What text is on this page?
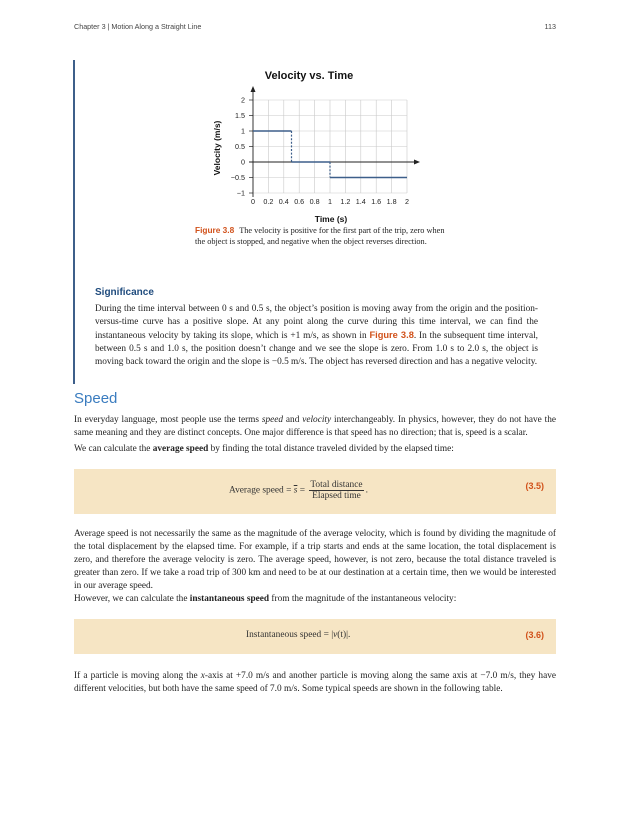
Chapter 3 | Motion Along a Straight Line	113
Velocity vs. Time
Velocity (m/s)
Time (s)
0 0.2 0.4 0.6 0.8 1 1.2 1.4 1.6 1.8 2
2
1.5
1
0.5
0
−0.5
−1
Figure 3.8 The velocity is positive for the first part of the trip, zero when the object is stopped, and negative when the object reverses direction.
Significance
During the time interval between 0 s and 0.5 s, the object’s position is moving away from the origin and the position-versus-time curve has a positive slope. At any point along the curve during this time interval, we can find the instantaneous velocity by taking its slope, which is +1 m/s, as shown in Figure 3.8. In the subsequent time interval, between 0.5 s and 1.0 s, the position doesn’t change and we see the slope is zero. From 1.0 s to 2.0 s, the object is moving back toward the origin and the slope is −0.5 m/s. The object has reversed direction and has a negative velocity.
Speed
In everyday language, most people use the terms speed and velocity interchangeably. In physics, however, they do not have the same meaning and they are distinct concepts. One major difference is that speed has no direction; that is, speed is a scalar.
We can calculate the average speed by finding the total distance traveled divided by the elapsed time:
Average speed = $\overline{s} = \frac{\text{Total distance}}{\text{Elapsed time}}$ .	(3.5)
Average speed is not necessarily the same as the magnitude of the average velocity, which is found by dividing the magnitude of the total displacement by the elapsed time. For example, if a trip starts and ends at the same location, the total displacement is zero, and therefore the average velocity is zero. The average speed, however, is not zero, because the total distance traveled is greater than zero. If we take a road trip of 300 km and need to be at our destination at a certain time, then we would be interested in our average speed.
However, we can calculate the instantaneous speed from the magnitude of the instantaneous velocity:
Instantaneous speed = |v(t)|.	(3.6)
If a particle is moving along the x-axis at +7.0 m/s and another particle is moving along the same axis at −7.0 m/s, they have different velocities, but both have the same speed of 7.0 m/s. Some typical speeds are shown in the following table.
